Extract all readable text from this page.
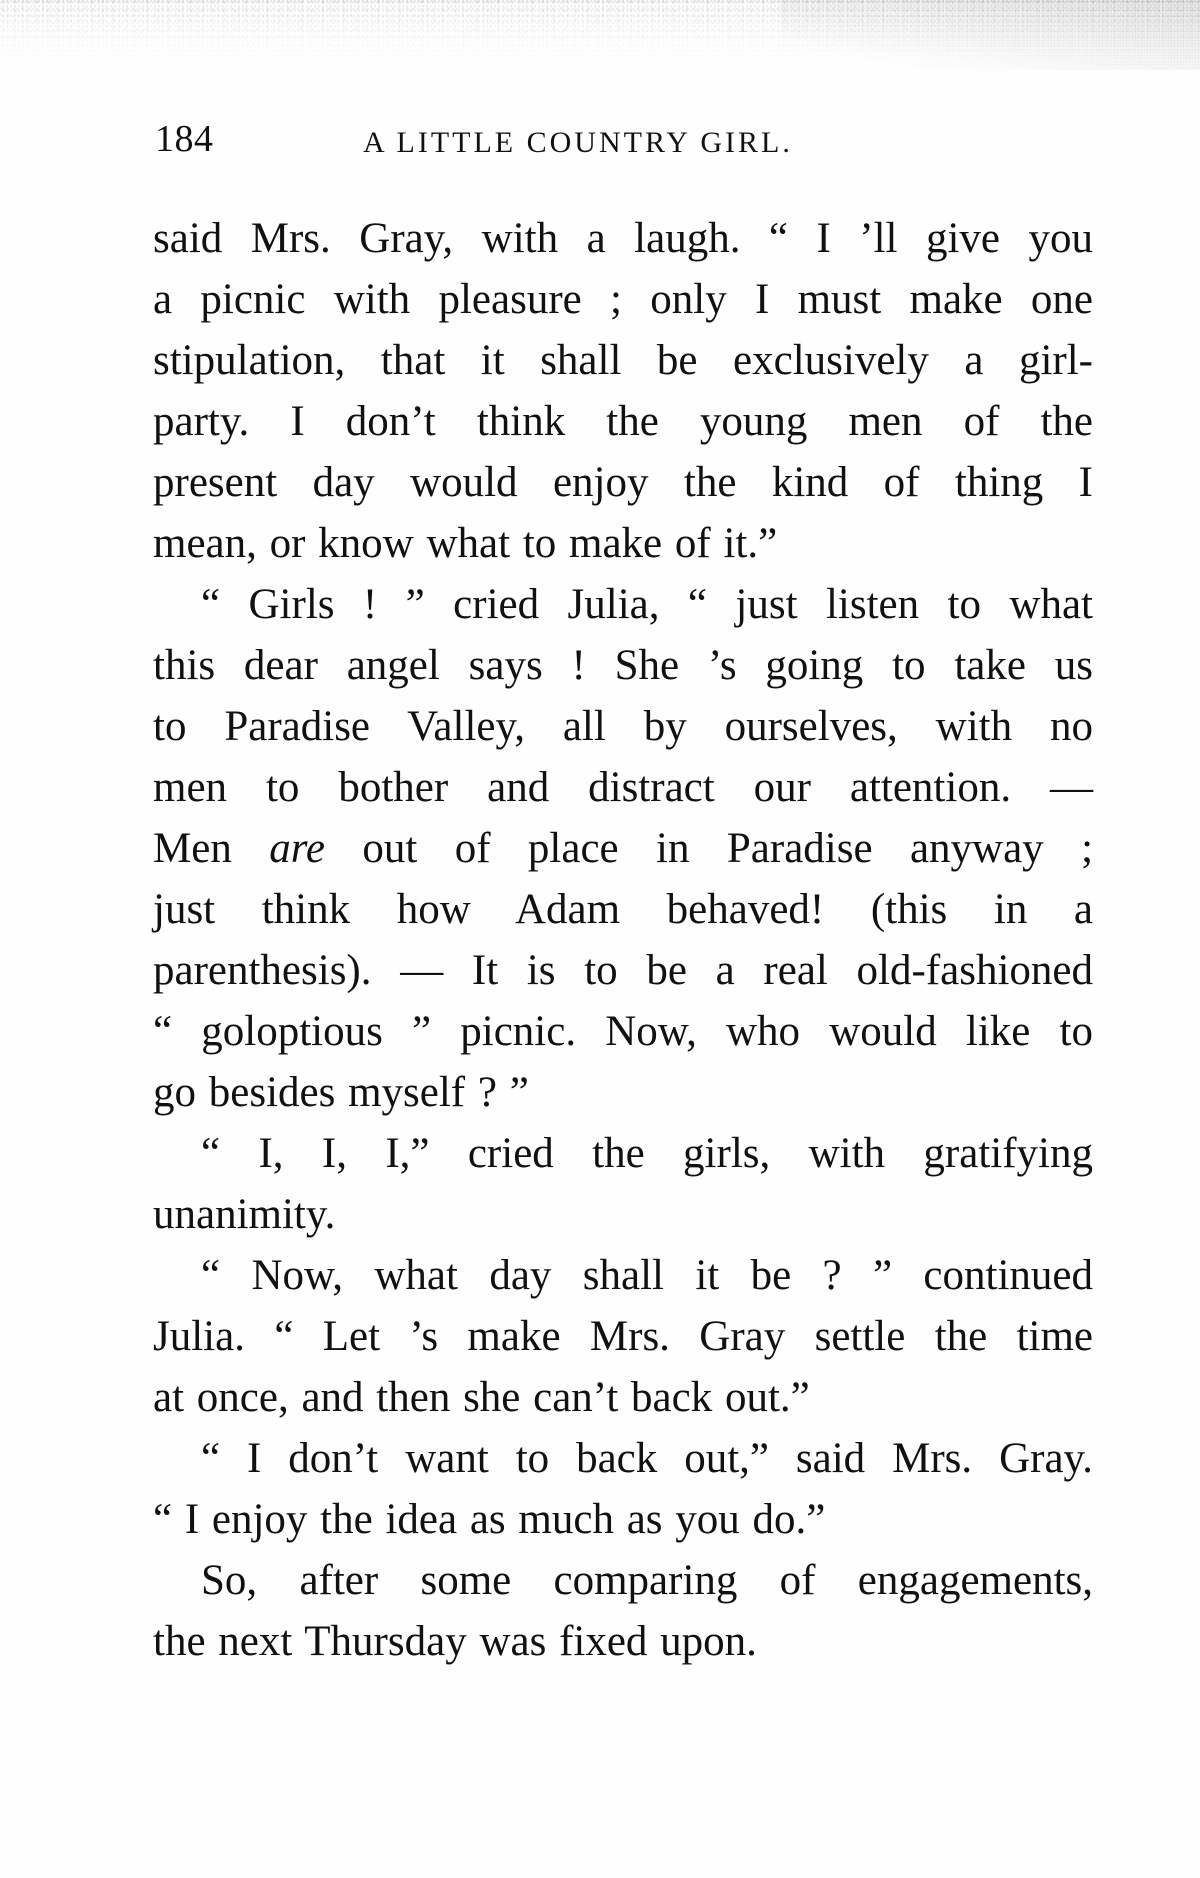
184	A LITTLE COUNTRY GIRL.
said Mrs. Gray, with a laugh. “ I ’ll give you
a picnic with pleasure ; only I must make one
stipulation, that it shall be exclusively a girl-
party. I don’t think the young men of the
present day would enjoy the kind of thing I
mean, or know what to make of it.”
“ Girls ! ” cried Julia, “ just listen to what
this dear angel says ! She ’s going to take us
to Paradise Valley, all by ourselves, with no
men to bother and distract our attention. —
Men are out of place in Paradise anyway ;
just think how Adam behaved! (this in a
parenthesis). — It is to be a real old-fashioned
“ goloptious ” picnic. Now, who would like to
go besides myself ? ”
“ I, I, I,” cried the girls, with gratifying
unanimity.
“ Now, what day shall it be ? ” continued
Julia. “ Let ’s make Mrs. Gray settle the time
at once, and then she can’t back out.”
“ I don’t want to back out,” said Mrs. Gray.
“ I enjoy the idea as much as you do.”
So, after some comparing of engagements,
the next Thursday was fixed upon.
